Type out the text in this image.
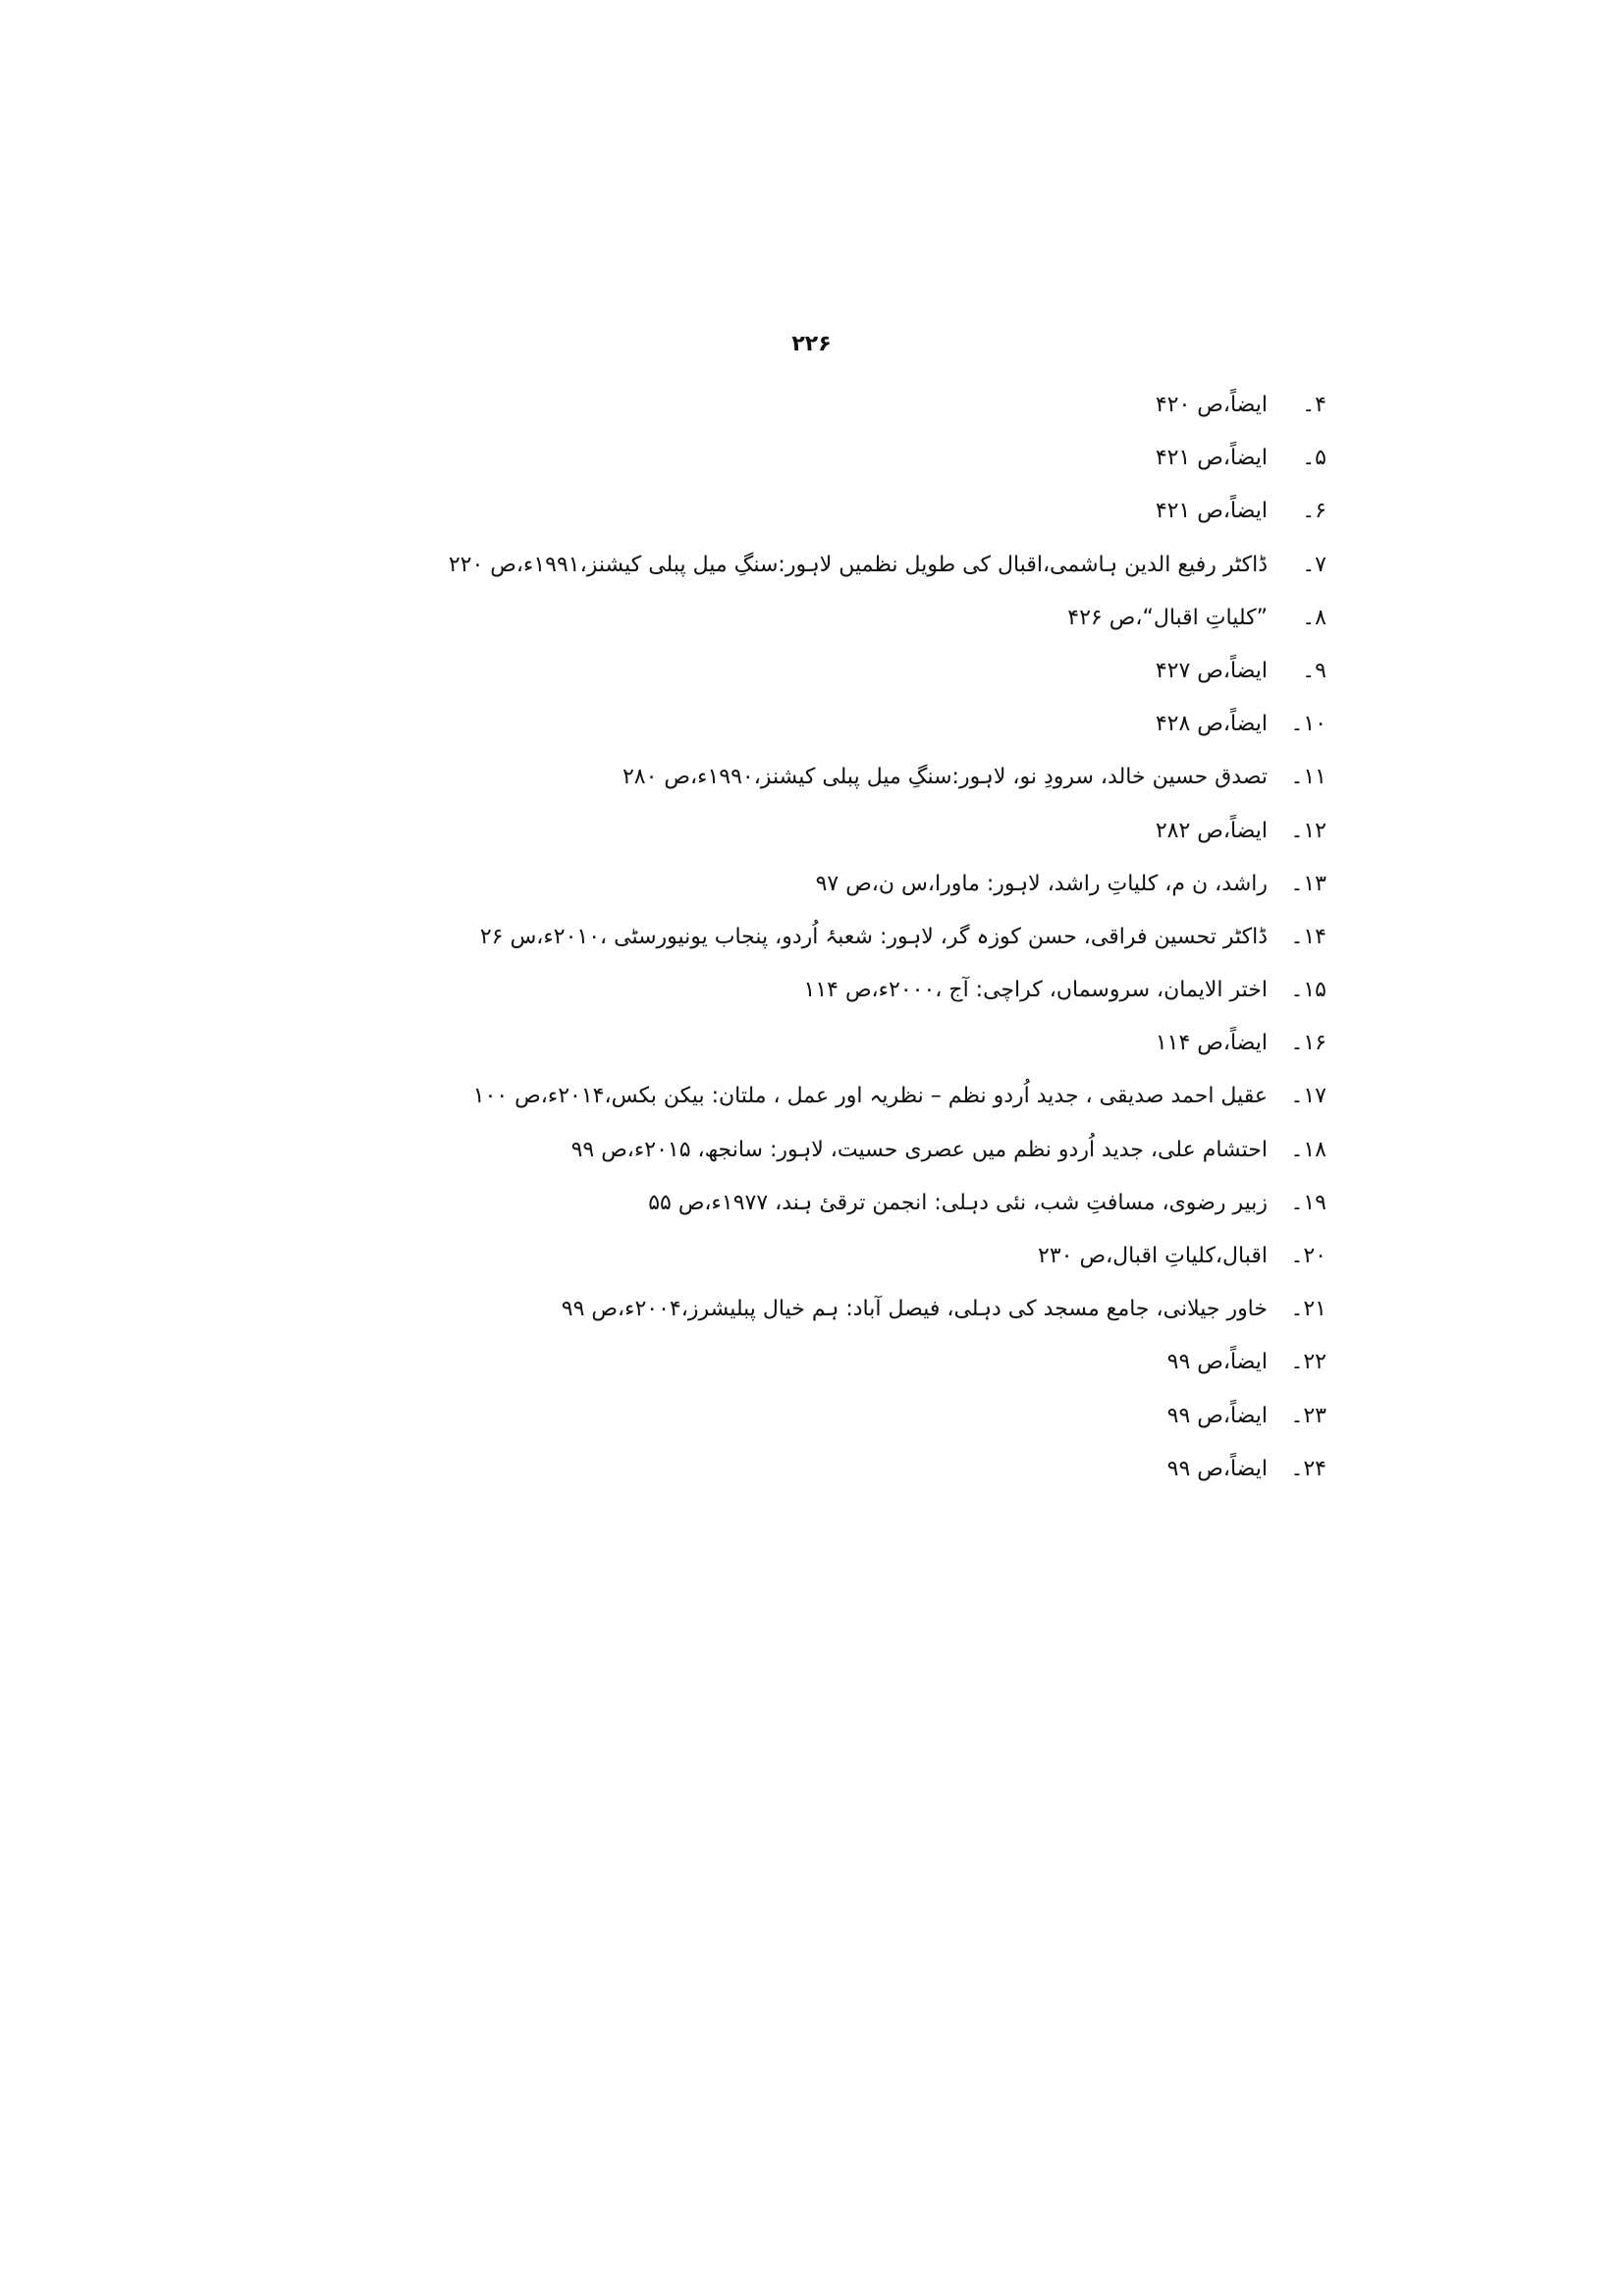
۲۲۶
۴۔
ایضاً،ص ۴۲۰
۵۔
ایضاً،ص ۴۲۱
۶۔
ایضاً،ص ۴۲۱
۷۔
ڈاکٹر رفیع الدین ہاشمی،اقبال کی طویل نظمیں لاہور:سنگِ میل پبلی کیشنز،۱۹۹۱ء،ص ۲۲۰
۸۔
”کلیاتِ اقبال“،ص ۴۲۶
۹۔
ایضاً،ص ۴۲۷
۱۰۔
ایضاً،ص ۴۲۸
۱۱۔
تصدق حسین خالد، سرودِ نو، لاہور:سنگِ میل پبلی کیشنز،۱۹۹۰ء،ص ۲۸۰
۱۲۔
ایضاً،ص ۲۸۲
۱۳۔
راشد، ن م، کلیاتِ راشد، لاہور: ماورا،س ن،ص ۹۷
۱۴۔
ڈاکٹر تحسین فراقی، حسن کوزہ گر، لاہور: شعبۂ اُردو، پنجاب یونیورسٹی ،۲۰۱۰ء،س ۲۶
۱۵۔
اختر الایمان، سروسماں، کراچی: آج ،۲۰۰۰ء،ص ۱۱۴
۱۶۔
ایضاً،ص ۱۱۴
۱۷۔
عقیل احمد صدیقی ، جدید اُردو نظم – نظریہ اور عمل ، ملتان: بیکن بکس،۲۰۱۴ء،ص ۱۰۰
۱۸۔
احتشام علی، جدید اُردو نظم میں عصری حسیت، لاہور: سانجھ، ۲۰۱۵ء،ص ۹۹
۱۹۔
زبیر رضوی، مسافتِ شب، نئی دہلی: انجمن ترقیٔ ہند، ۱۹۷۷ء،ص ۵۵
۲۰۔
اقبال،کلیاتِ اقبال،ص ۲۳۰
۲۱۔
خاور جیلانی، جامع مسجد کی دہلی، فیصل آباد: ہم خیال پبلیشرز،۲۰۰۴ء،ص ۹۹
۲۲۔
ایضاً،ص ۹۹
۲۳۔
ایضاً،ص ۹۹
۲۴۔
ایضاً،ص ۹۹
